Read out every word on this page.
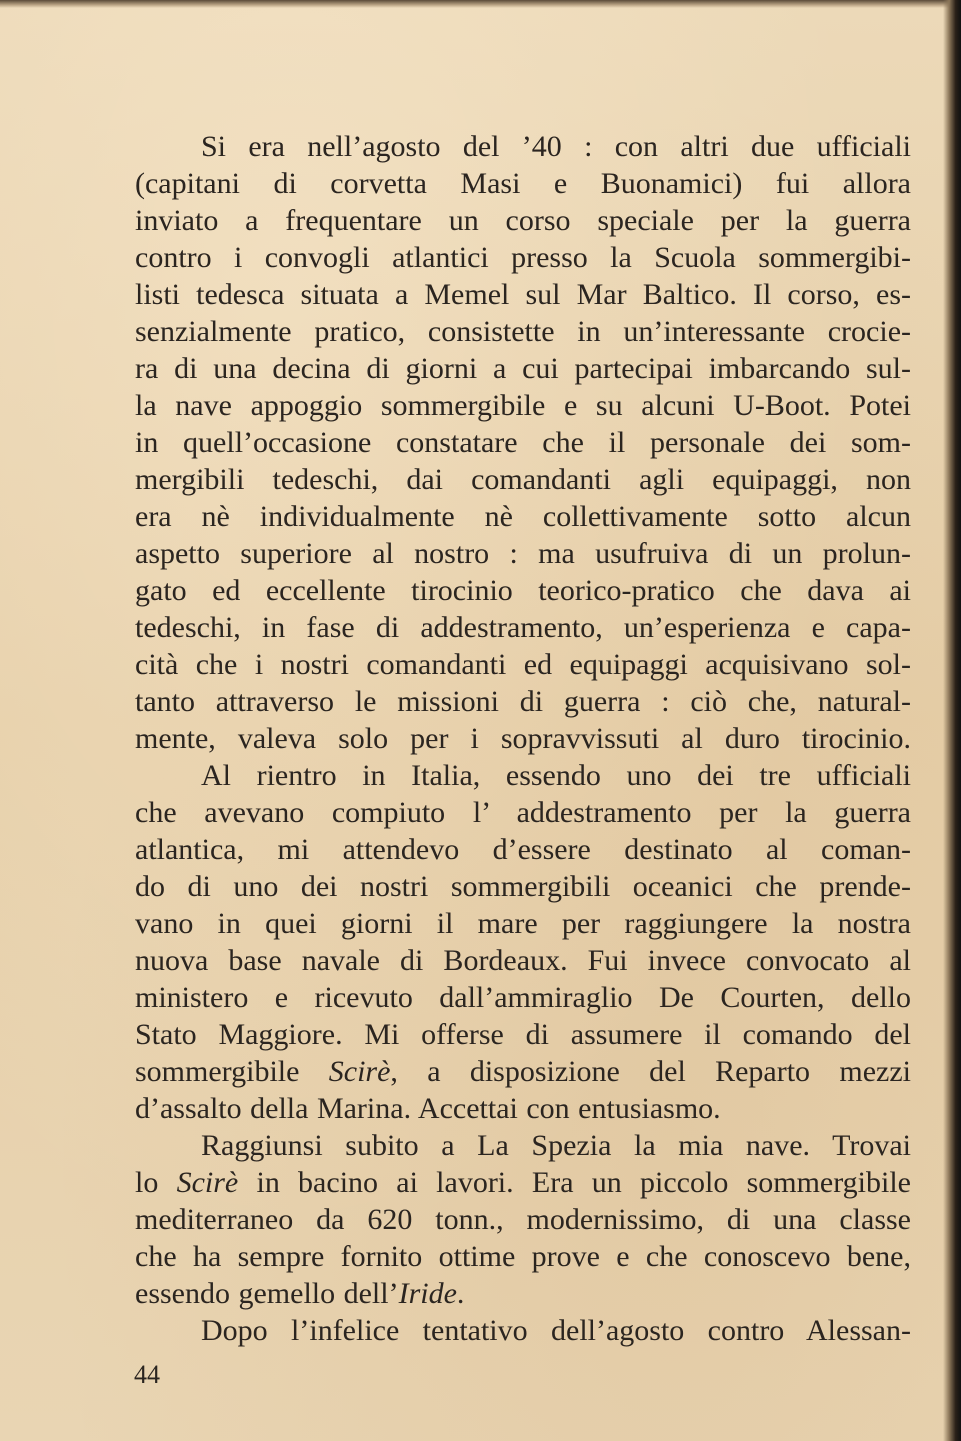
Si era nell’agosto del ’40 : con altri due ufficiali
(capitani di corvetta Masi e Buonamici) fui allora
inviato a frequentare un corso speciale per la guerra
contro i convogli atlantici presso la Scuola sommergibi-
listi tedesca situata a Memel sul Mar Baltico. Il corso, es-
senzialmente pratico, consistette in un’interessante crocie-
ra di una decina di giorni a cui partecipai imbarcando sul-
la nave appoggio sommergibile e su alcuni U-Boot. Potei
in quell’occasione constatare che il personale dei som-
mergibili tedeschi, dai comandanti agli equipaggi, non
era nè individualmente nè collettivamente sotto alcun
aspetto superiore al nostro : ma usufruiva di un prolun-
gato ed eccellente tirocinio teorico-pratico che dava ai
tedeschi, in fase di addestramento, un’esperienza e capa-
cità che i nostri comandanti ed equipaggi acquisivano sol-
tanto attraverso le missioni di guerra : ciò che, natural-
mente, valeva solo per i sopravvissuti al duro tirocinio.
Al rientro in Italia, essendo uno dei tre ufficiali
che avevano compiuto l’ addestramento per la guerra
atlantica, mi attendevo d’essere destinato al coman-
do di uno dei nostri sommergibili oceanici che prende-
vano in quei giorni il mare per raggiungere la nostra
nuova base navale di Bordeaux. Fui invece convocato al
ministero e ricevuto dall’ammiraglio De Courten, dello
Stato Maggiore. Mi offerse di assumere il comando del
sommergibile Scirè, a disposizione del Reparto mezzi
d’assalto della Marina. Accettai con entusiasmo.
Raggiunsi subito a La Spezia la mia nave. Trovai
lo Scirè in bacino ai lavori. Era un piccolo sommergibile
mediterraneo da 620 tonn., modernissimo, di una classe
che ha sempre fornito ottime prove e che conoscevo bene,
essendo gemello dell’Iride.
Dopo l’infelice tentativo dell’agosto contro Alessan-
44
